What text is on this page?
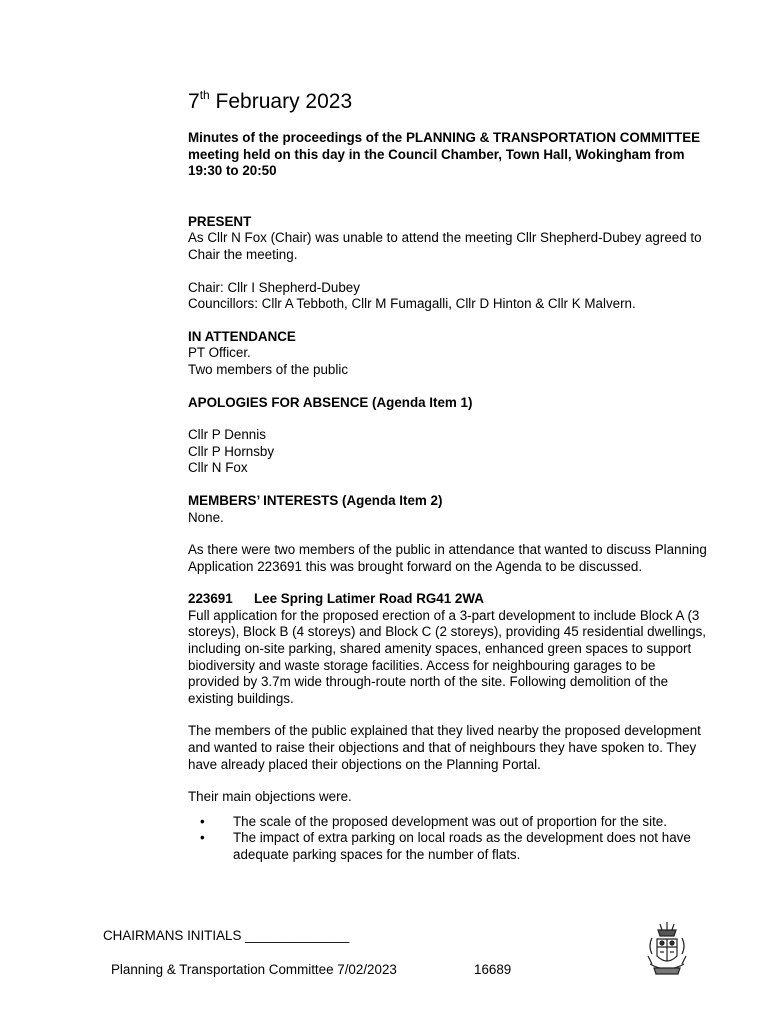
7th February 2023

Minutes of the proceedings of the PLANNING & TRANSPORTATION COMMITTEE meeting held on this day in the Council Chamber, Town Hall, Wokingham from 19:30 to 20:50

PRESENT

As Cllr N Fox (Chair) was unable to attend the meeting Cllr Shepherd-Dubey agreed to Chair the meeting.

Chair: Cllr I Shepherd-Dubey

Councillors: Cllr A Tebboth, Cllr M Fumagalli, Cllr D Hinton & Cllr K Malvern.

IN ATTENDANCE

PT Officer.

Two members of the public

APOLOGIES FOR ABSENCE (Agenda Item 1)

Cllr P Dennis

Cllr P Hornsby

Cllr N Fox

MEMBERS’ INTERESTS (Agenda Item 2)

None.

As there were two members of the public in attendance that wanted to discuss Planning Application 223691 this was brought forward on the Agenda to be discussed.

223691 Lee Spring Latimer Road RG41 2WA

Full application for the proposed erection of a 3-part development to include Block A (3 storeys), Block B (4 storeys) and Block C (2 storeys), providing 45 residential dwellings, including on-site parking, shared amenity spaces, enhanced green spaces to support biodiversity and waste storage facilities. Access for neighbouring garages to be provided by 3.7m wide through-route north of the site. Following demolition of the existing buildings.

The members of the public explained that they lived nearby the proposed development and wanted to raise their objections and that of neighbours they have spoken to. They have already placed their objections on the Planning Portal.

Their main objections were.

• The scale of the proposed development was out of proportion for the site.
• The impact of extra parking on local roads as the development does not have adequate parking spaces for the number of flats.
CHAIRMANS INITIALS ______________
Planning & Transportation Committee 7/02/2023	16689
